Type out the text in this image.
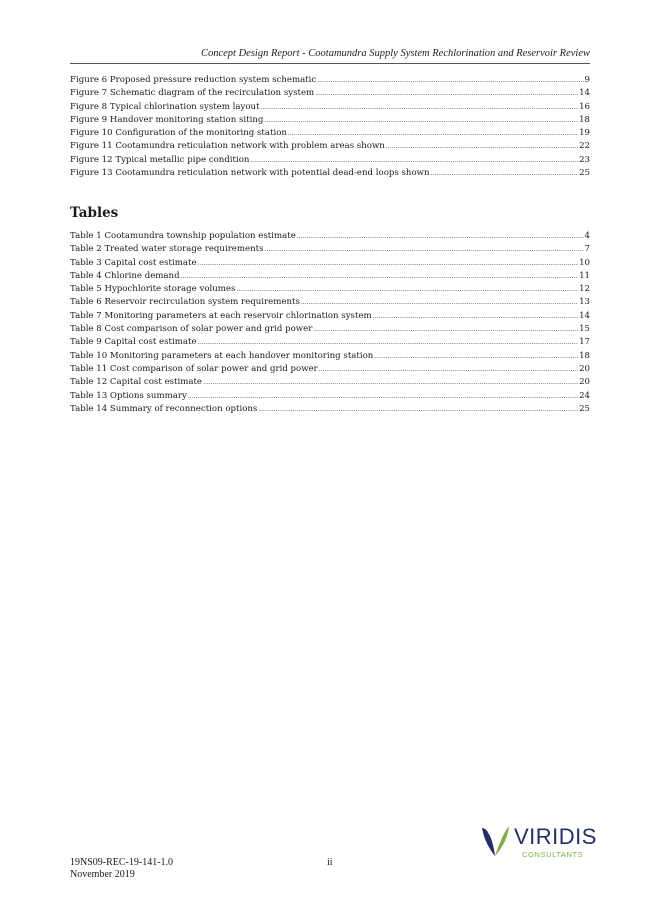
Concept Design Report - Cootamundra Supply System Rechlorination and Reservoir Review
Figure 6 Proposed pressure reduction system schematic .....	9
Figure 7 Schematic diagram of the recirculation system .....	14
Figure 8 Typical chlorination system layout .....	16
Figure 9 Handover monitoring station siting .....	18
Figure 10 Configuration of the monitoring station .....	19
Figure 11 Cootamundra reticulation network with problem areas shown .....	22
Figure 12 Typical metallic pipe condition .....	23
Figure 13 Cootamundra reticulation network with potential dead-end loops shown .....	25
Tables
Table 1 Cootamundra township population estimate .....	4
Table 2 Treated water storage requirements .....	7
Table 3 Capital cost estimate .....	10
Table 4 Chlorine demand .....	11
Table 5 Hypochlorite storage volumes .....	12
Table 6 Reservoir recirculation system requirements .....	13
Table 7 Monitoring parameters at each reservoir chlorination system .....	14
Table 8 Cost comparison of solar power and grid power .....	15
Table 9 Capital cost estimate .....	17
Table 10 Monitoring parameters at each handover monitoring station .....	18
Table 11 Cost comparison of solar power and grid power .....	20
Table 12 Capital cost estimate .....	20
Table 13 Options summary .....	24
Table 14 Summary of reconnection options .....	25
19NS09-REC-19-141-1.0
November 2019
ii
VIRIDIS
CONSULTANTS
